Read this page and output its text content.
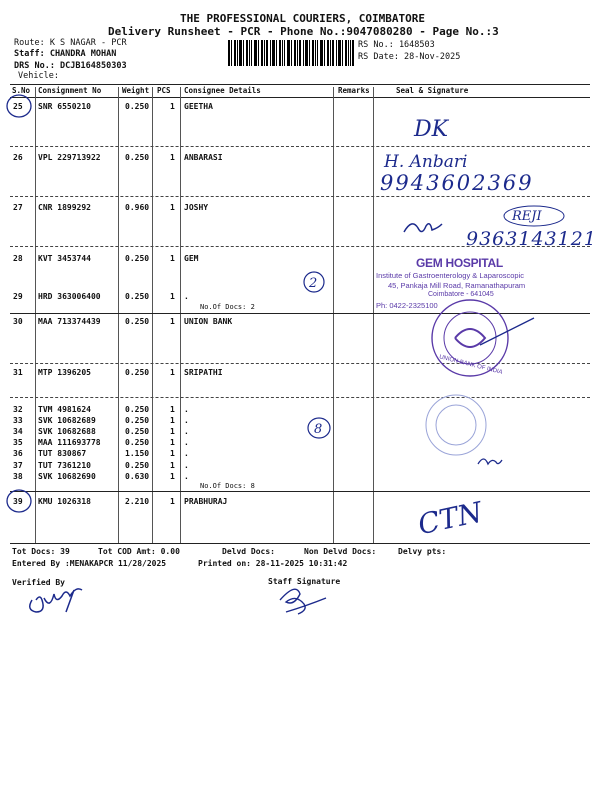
THE PROFESSIONAL COURIERS, COIMBATORE
Delivery Runsheet - PCR - Phone No.:9047080280 - Page No.:3
Route: K S NAGAR - PCR
Staff: CHANDRA MOHAN
DRS No.: DCJB164850303
Vehicle:
RS No.: 1648503
RS Date: 28-Nov-2025
S.No Consignment No	Weight PCS Consignee Details	Remarks	Seal & Signature
25 SNR 6550210	0.250	1 GEETHA
26 VPL 229713922	0.250	1 ANBARASI
27 CNR 1899292	0.960	1 JOSHY
28 KVT 3453744	0.250	1 GEM
29 HRD 363006400	0.250	1 .
No.Of Docs: 2
30 MAA 713374439	0.250	1 UNION BANK
31 MTP 1396205	0.250	1 SRIPATHI
32 TVM 4981624	0.250	1 .
33 SVK 10682689	0.250	1 .
34 SVK 10682688	0.250	1 .
35 MAA 111693778	0.250	1 .
36 TUT 830867	1.150	1 .
37 TUT 7361210	0.250	1 .
38 SVK 10682690	0.630	1 .
No.Of Docs: 8
39 KMU 1026318	2.210	1 PRABHURAJ
GEM HOSPITAL
Institute of Gastroenterology & Laparoscopic
45, Pankaja Mill Road, Ramanathapuram
Coimbatore - 641045
Ph: 0422-2325100
DK
H. Anbari
9943602369
REJI
9363143121
2
8
UNION BANK OF INDIA
CTN
Tot Docs: 39	Tot COD Amt: 0.00	Delvd Docs:	Non Delvd Docs:	Delvy pts:
Entered By :MENAKAPCR 11/28/2025	Printed on: 28-11-2025 10:31:42
Verified By	Staff Signature
